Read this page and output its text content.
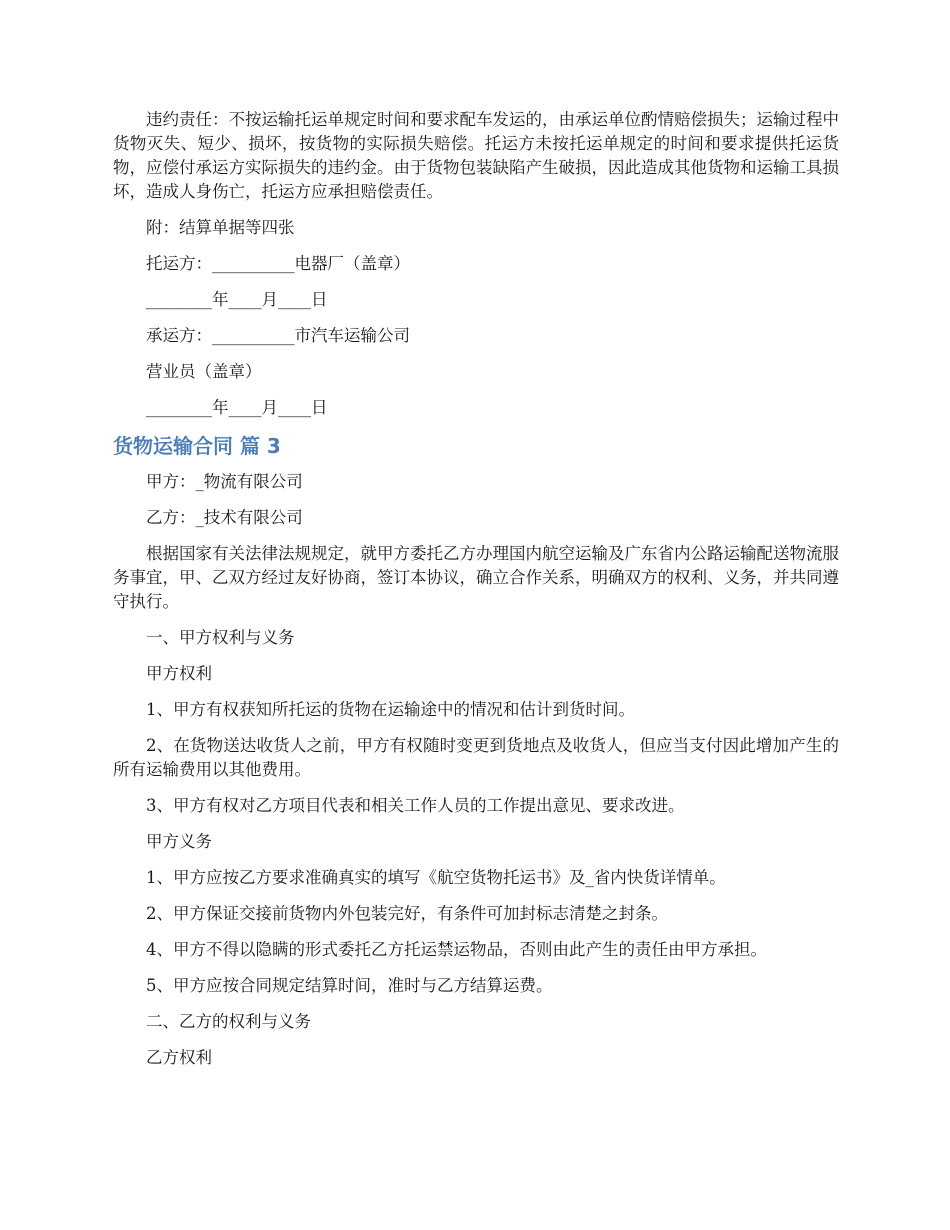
违约责任：不按运输托运单规定时间和要求配车发运的，由承运单位酌情赔偿损失；运输过程中货物灭失、短少、损坏，按货物的实际损失赔偿。托运方未按托运单规定的时间和要求提供托运货物，应偿付承运方实际损失的违约金。由于货物包装缺陷产生破损，因此造成其他货物和运输工具损坏，造成人身伤亡，托运方应承担赔偿责任。

附：结算单据等四张

托运方：__________电器厂（盖章）

________年____月____日

承运方：__________市汽车运输公司

营业员（盖章）

________年____月____日

货物运输合同 篇 3

甲方：_物流有限公司

乙方：_技术有限公司

根据国家有关法律法规规定，就甲方委托乙方办理国内航空运输及广东省内公路运输配送物流服务事宜，甲、乙双方经过友好协商，签订本协议，确立合作关系，明确双方的权利、义务，并共同遵守执行。

一、甲方权利与义务

甲方权利

1、甲方有权获知所托运的货物在运输途中的情况和估计到货时间。

2、在货物送达收货人之前，甲方有权随时变更到货地点及收货人，但应当支付因此增加产生的所有运输费用以其他费用。

3、甲方有权对乙方项目代表和相关工作人员的工作提出意见、要求改进。

甲方义务

1、甲方应按乙方要求准确真实的填写《航空货物托运书》及_省内快货详情单。

2、甲方保证交接前货物内外包装完好，有条件可加封标志清楚之封条。

4、甲方不得以隐瞒的形式委托乙方托运禁运物品，否则由此产生的责任由甲方承担。

5、甲方应按合同规定结算时间，准时与乙方结算运费。

二、乙方的权利与义务

乙方权利
